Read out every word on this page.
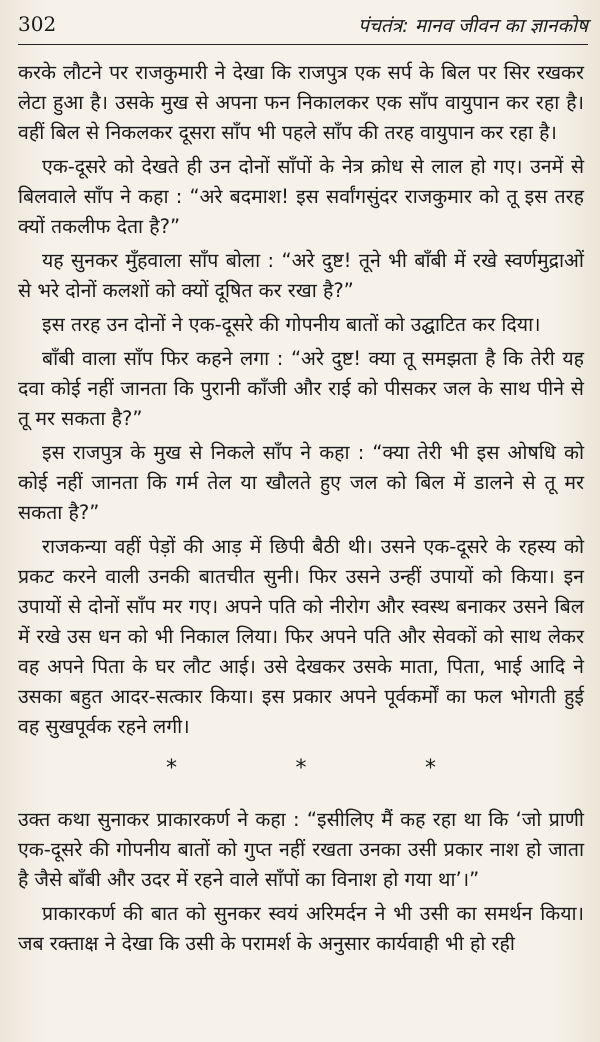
302	पंचतंत्र: मानव जीवन का ज्ञानकोष

करके लौटने पर राजकुमारी ने देखा कि राजपुत्र एक सर्प के बिल पर सिर रखकर लेटा हुआ है। उसके मुख से अपना फन निकालकर एक साँप वायुपान कर रहा है। वहीं बिल से निकलकर दूसरा साँप भी पहले साँप की तरह वायुपान कर रहा है।

एक-दूसरे को देखते ही उन दोनों साँपों के नेत्र क्रोध से लाल हो गए। उनमें से बिलवाले साँप ने कहा : “अरे बदमाश! इस सर्वांगसुंदर राजकुमार को तू इस तरह क्यों तकलीफ देता है?”

यह सुनकर मुँहवाला साँप बोला : “अरे दुष्ट! तूने भी बाँबी में रखे स्वर्णमुद्राओं से भरे दोनों कलशों को क्यों दूषित कर रखा है?”

इस तरह उन दोनों ने एक-दूसरे की गोपनीय बातों को उद्घाटित कर दिया।

बाँबी वाला साँप फिर कहने लगा : “अरे दुष्ट! क्या तू समझता है कि तेरी यह दवा कोई नहीं जानता कि पुरानी काँजी और राई को पीसकर जल के साथ पीने से तू मर सकता है?”

इस राजपुत्र के मुख से निकले साँप ने कहा : “क्या तेरी भी इस ओषधि को कोई नहीं जानता कि गर्म तेल या खौलते हुए जल को बिल में डालने से तू मर सकता है?”

राजकन्या वहीं पेड़ों की आड़ में छिपी बैठी थी। उसने एक-दूसरे के रहस्य को प्रकट करने वाली उनकी बातचीत सुनी। फिर उसने उन्हीं उपायों को किया। इन उपायों से दोनों साँप मर गए। अपने पति को नीरोग और स्वस्थ बनाकर उसने बिल में रखे उस धन को भी निकाल लिया। फिर अपने पति और सेवकों को साथ लेकर वह अपने पिता के घर लौट आई। उसे देखकर उसके माता, पिता, भाई आदि ने उसका बहुत आदर-सत्कार किया। इस प्रकार अपने पूर्वकर्मों का फल भोगती हुई वह सुखपूर्वक रहने लगी।

*	*	*

उक्त कथा सुनाकर प्राकारकर्ण ने कहा : “इसीलिए मैं कह रहा था कि ‘जो प्राणी एक-दूसरे की गोपनीय बातों को गुप्त नहीं रखता उनका उसी प्रकार नाश हो जाता है जैसे बाँबी और उदर में रहने वाले साँपों का विनाश हो गया था’।”

प्राकारकर्ण की बात को सुनकर स्वयं अरिमर्दन ने भी उसी का समर्थन किया। जब रक्ताक्ष ने देखा कि उसी के परामर्श के अनुसार कार्यवाही भी हो रही
